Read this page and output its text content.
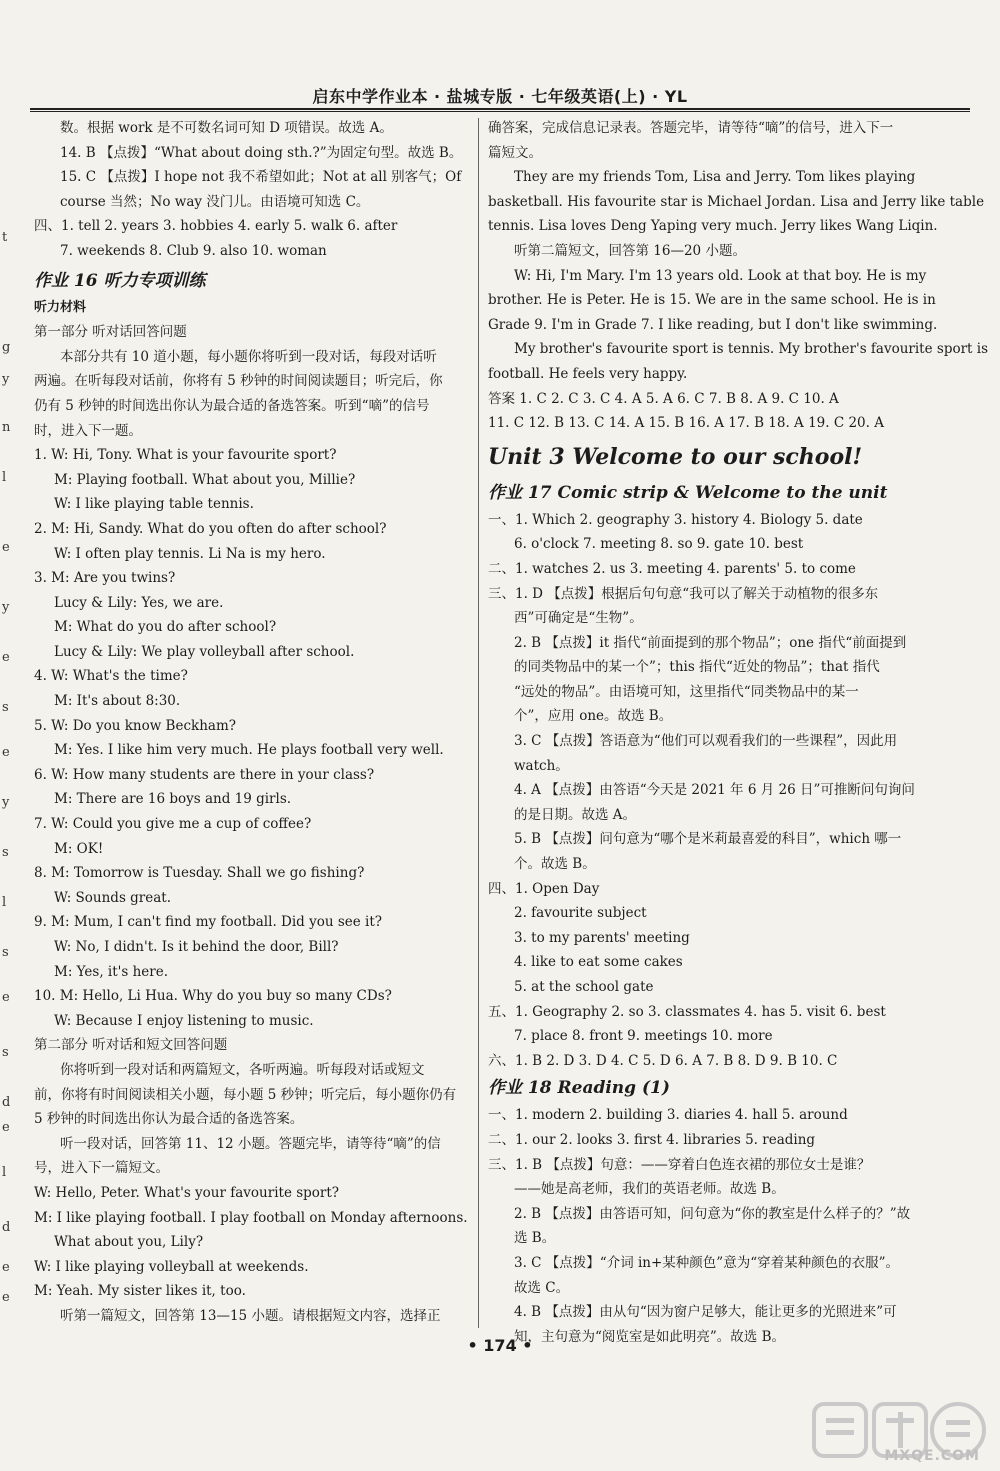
启东中学作业本 · 盐城专版 · 七年级英语(上) · YL
数。根据 work 是不可数名词可知 D 项错误。故选 A。
14. B 【点拨】“What about doing sth.?”为固定句型。故选 B。
15. C 【点拨】I hope not 我不希望如此；Not at all 别客气；Of
course 当然；No way 没门儿。由语境可知选 C。
四、1. tell 2. years 3. hobbies 4. early 5. walk 6. after
7. weekends 8. Club 9. also 10. woman
作业 16 听力专项训练
听力材料
第一部分 听对话回答问题
本部分共有 10 道小题，每小题你将听到一段对话，每段对话听
两遍。在听每段对话前，你将有 5 秒钟的时间阅读题目；听完后，你
仍有 5 秒钟的时间选出你认为最合适的备选答案。听到“嘀”的信号
时，进入下一题。
1. W: Hi, Tony. What is your favourite sport?
M: Playing football. What about you, Millie?
W: I like playing table tennis.
2. M: Hi, Sandy. What do you often do after school?
W: I often play tennis. Li Na is my hero.
3. M: Are you twins?
Lucy & Lily: Yes, we are.
M: What do you do after school?
Lucy & Lily: We play volleyball after school.
4. W: What's the time?
M: It's about 8:30.
5. W: Do you know Beckham?
M: Yes. I like him very much. He plays football very well.
6. W: How many students are there in your class?
M: There are 16 boys and 19 girls.
7. W: Could you give me a cup of coffee?
M: OK!
8. M: Tomorrow is Tuesday. Shall we go fishing?
W: Sounds great.
9. M: Mum, I can't find my football. Did you see it?
W: No, I didn't. Is it behind the door, Bill?
M: Yes, it's here.
10. M: Hello, Li Hua. Why do you buy so many CDs?
W: Because I enjoy listening to music.
第二部分 听对话和短文回答问题
你将听到一段对话和两篇短文，各听两遍。听每段对话或短文
前，你将有时间阅读相关小题，每小题 5 秒钟；听完后，每小题你仍有
5 秒钟的时间选出你认为最合适的备选答案。
听一段对话，回答第 11、12 小题。答题完毕，请等待“嘀”的信
号，进入下一篇短文。
W: Hello, Peter. What's your favourite sport?
M: I like playing football. I play football on Monday afternoons.
What about you, Lily?
W: I like playing volleyball at weekends.
M: Yeah. My sister likes it, too.
听第一篇短文，回答第 13—15 小题。请根据短文内容，选择正
确答案，完成信息记录表。答题完毕，请等待“嘀”的信号，进入下一
篇短文。
They are my friends Tom, Lisa and Jerry. Tom likes playing
basketball. His favourite star is Michael Jordan. Lisa and Jerry like table
tennis. Lisa loves Deng Yaping very much. Jerry likes Wang Liqin.
听第二篇短文，回答第 16—20 小题。
W: Hi, I'm Mary. I'm 13 years old. Look at that boy. He is my
brother. He is Peter. He is 15. We are in the same school. He is in
Grade 9. I'm in Grade 7. I like reading, but I don't like swimming.
My brother's favourite sport is tennis. My brother's favourite sport is
football. He feels very happy.
答案 1. C 2. C 3. C 4. A 5. A 6. C 7. B 8. A 9. C 10. A
11. C 12. B 13. C 14. A 15. B 16. A 17. B 18. A 19. C 20. A
Unit 3 Welcome to our school!
作业 17 Comic strip & Welcome to the unit
一、1. Which 2. geography 3. history 4. Biology 5. date
6. o'clock 7. meeting 8. so 9. gate 10. best
二、1. watches 2. us 3. meeting 4. parents' 5. to come
三、1. D 【点拨】根据后句句意“我可以了解关于动植物的很多东
西”可确定是“生物”。
2. B 【点拨】it 指代“前面提到的那个物品”；one 指代“前面提到
的同类物品中的某一个”；this 指代“近处的物品”；that 指代
“远处的物品”。由语境可知，这里指代“同类物品中的某一
个”，应用 one。故选 B。
3. C 【点拨】答语意为“他们可以观看我们的一些课程”，因此用
watch。
4. A 【点拨】由答语“今天是 2021 年 6 月 26 日”可推断问句询问
的是日期。故选 A。
5. B 【点拨】问句意为“哪个是米莉最喜爱的科目”，which 哪一
个。故选 B。
四、1. Open Day
2. favourite subject
3. to my parents' meeting
4. like to eat some cakes
5. at the school gate
五、1. Geography 2. so 3. classmates 4. has 5. visit 6. best
7. place 8. front 9. meetings 10. more
六、1. B 2. D 3. D 4. C 5. D 6. A 7. B 8. D 9. B 10. C
作业 18 Reading (1)
一、1. modern 2. building 3. diaries 4. hall 5. around
二、1. our 2. looks 3. first 4. libraries 5. reading
三、1. B 【点拨】句意：——穿着白色连衣裙的那位女士是谁？
——她是高老师，我们的英语老师。故选 B。
2. B 【点拨】由答语可知，问句意为“你的教室是什么样子的？”故
选 B。
3. C 【点拨】“介词 in+某种颜色”意为“穿着某种颜色的衣服”。
故选 C。
4. B 【点拨】由从句“因为窗户足够大，能让更多的光照进来”可
知，主句意为“阅览室是如此明亮”。故选 B。
• 174 •
MXQE.COM
t
g
y
n
l
e
y
e
s
e
y
s
l
s
e
s
d
e
l
d
e
e
